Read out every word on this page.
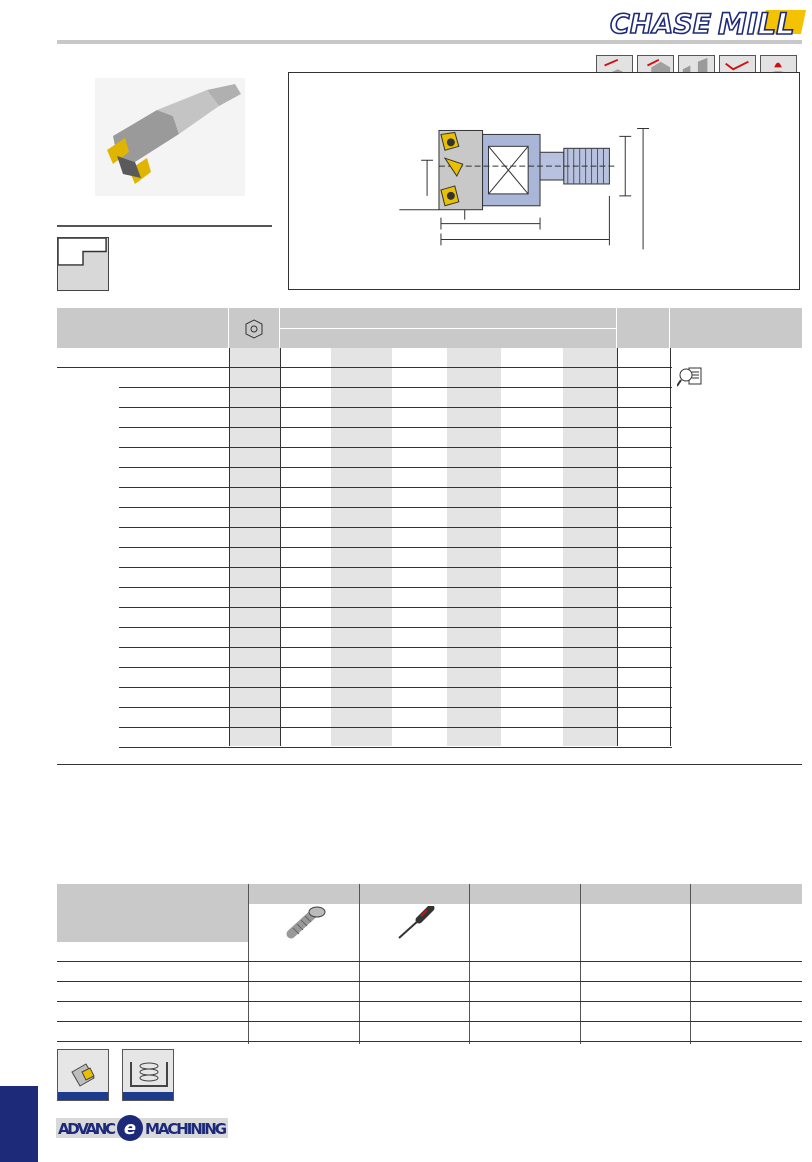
CHASE MILL
e
ADVANC MACHINING
